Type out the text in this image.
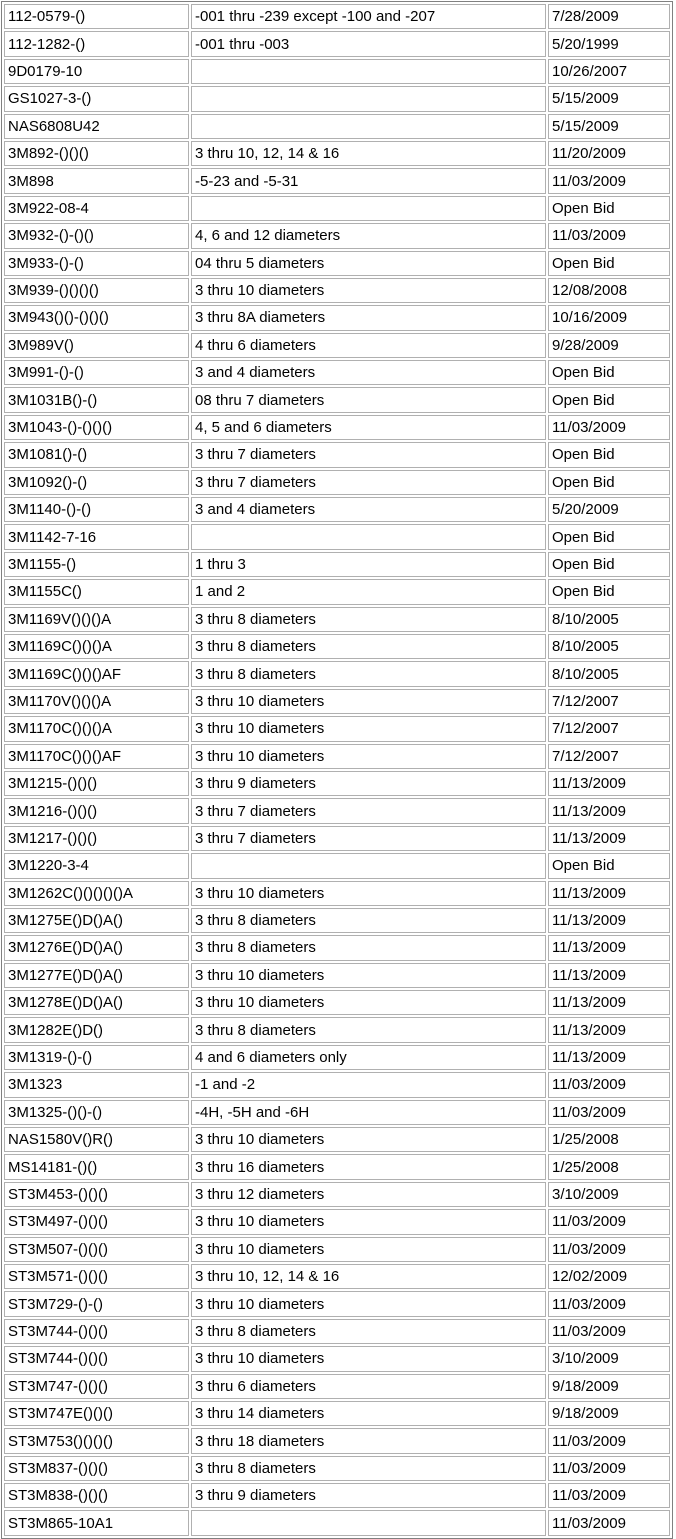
112-0579-()	-001 thru -239 except -100 and -207	7/28/2009
112-1282-()	-001 thru -003	5/20/1999
9D0179-10		10/26/2007
GS1027-3-()		5/15/2009
NAS6808U42		5/15/2009
3M892-()()()	3 thru 10, 12, 14 & 16	11/20/2009
3M898	-5-23 and -5-31	11/03/2009
3M922-08-4		Open Bid
3M932-()-()()	4, 6 and 12 diameters	11/03/2009
3M933-()-()	04 thru 5 diameters	Open Bid
3M939-()()()()	3 thru 10 diameters	12/08/2008
3M943()()-()()()	3 thru 8A diameters	10/16/2009
3M989V()	4 thru 6 diameters	9/28/2009
3M991-()-()	3 and 4 diameters	Open Bid
3M1031B()-()	08 thru 7 diameters	Open Bid
3M1043-()-()()()	4, 5 and 6 diameters	11/03/2009
3M1081()-()	3 thru 7 diameters	Open Bid
3M1092()-()	3 thru 7 diameters	Open Bid
3M1140-()-()	3 and 4 diameters	5/20/2009
3M1142-7-16		Open Bid
3M1155-()	1 thru 3	Open Bid
3M1155C()	1 and 2	Open Bid
3M1169V()()()A	3 thru 8 diameters	8/10/2005
3M1169C()()()A	3 thru 8 diameters	8/10/2005
3M1169C()()()AF	3 thru 8 diameters	8/10/2005
3M1170V()()()A	3 thru 10 diameters	7/12/2007
3M1170C()()()A	3 thru 10 diameters	7/12/2007
3M1170C()()()AF	3 thru 10 diameters	7/12/2007
3M1215-()()()	3 thru 9 diameters	11/13/2009
3M1216-()()()	3 thru 7 diameters	11/13/2009
3M1217-()()()	3 thru 7 diameters	11/13/2009
3M1220-3-4		Open Bid
3M1262C()()()()()A	3 thru 10 diameters	11/13/2009
3M1275E()D()A()	3 thru 8 diameters	11/13/2009
3M1276E()D()A()	3 thru 8 diameters	11/13/2009
3M1277E()D()A()	3 thru 10 diameters	11/13/2009
3M1278E()D()A()	3 thru 10 diameters	11/13/2009
3M1282E()D()	3 thru 8 diameters	11/13/2009
3M1319-()-()	4 and 6 diameters only	11/13/2009
3M1323	-1 and -2	11/03/2009
3M1325-()()-()	-4H, -5H and -6H	11/03/2009
NAS1580V()R()	3 thru 10 diameters	1/25/2008
MS14181-()()	3 thru 16 diameters	1/25/2008
ST3M453-()()()	3 thru 12 diameters	3/10/2009
ST3M497-()()()	3 thru 10 diameters	11/03/2009
ST3M507-()()()	3 thru 10 diameters	11/03/2009
ST3M571-()()()	3 thru 10, 12, 14 & 16	12/02/2009
ST3M729-()-()	3 thru 10 diameters	11/03/2009
ST3M744-()()()	3 thru 8 diameters	11/03/2009
ST3M744-()()()	3 thru 10 diameters	3/10/2009
ST3M747-()()()	3 thru 6 diameters	9/18/2009
ST3M747E()()()	3 thru 14 diameters	9/18/2009
ST3M753()()()()	3 thru 18 diameters	11/03/2009
ST3M837-()()()	3 thru 8 diameters	11/03/2009
ST3M838-()()()	3 thru 9 diameters	11/03/2009
ST3M865-10A1		11/03/2009
